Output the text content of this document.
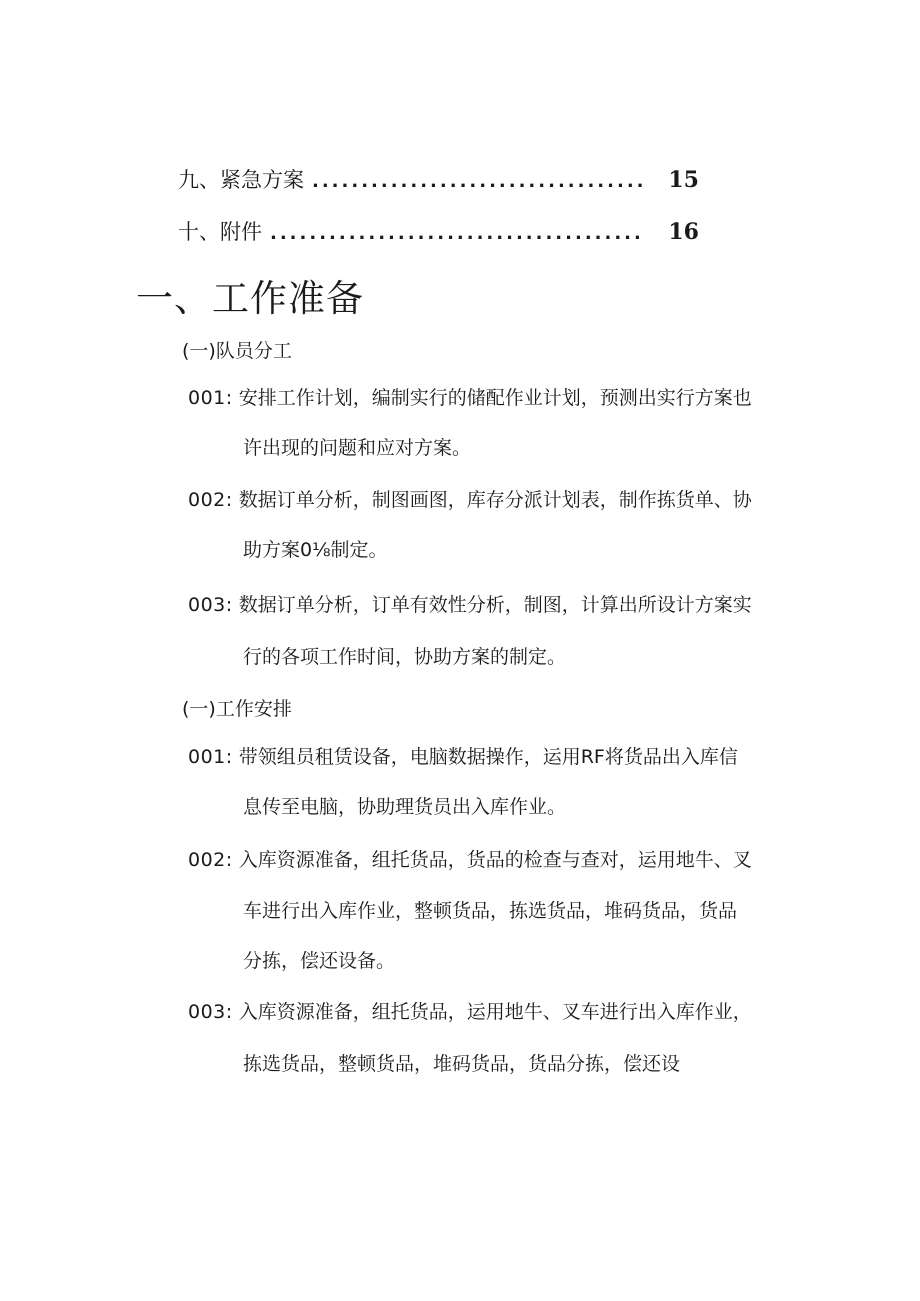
九、紧急方案 .................................. 15
十、附件 ......................................	16
一、工作准备
(一)队员分工
001: 安排工作计划，编制实行的储配作业计划，预测出实行方案也
许出现的问题和应对方案。
002: 数据订单分析，制图画图，库存分派计划表，制作拣货单、协
助方案0⅛制定。
003: 数据订单分析，订单有效性分析，制图，计算出所设计方案实
行的各项工作时间，协助方案的制定。
(一)工作安排
001: 带领组员租赁设备，电脑数据操作，运用RF将货品出入库信
息传至电脑，协助理货员出入库作业。
002: 入库资源准备，组托货品，货品的检查与查对，运用地牛、叉
车进行出入库作业，整顿货品，拣选货品，堆码货品，货品
分拣，偿还设备。
003: 入库资源准备，组托货品，运用地牛、叉车进行出入库作业，
拣选货品，整顿货品，堆码货品，货品分拣，偿还设
